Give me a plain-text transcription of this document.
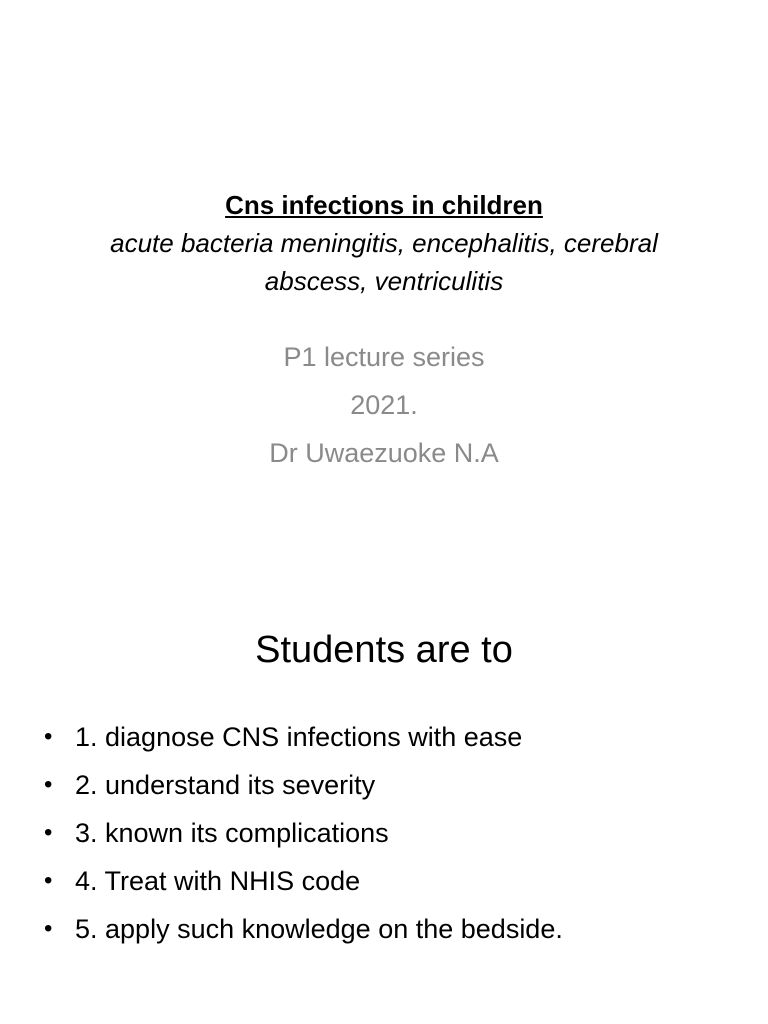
Cns infections in children
acute bacteria meningitis, encephalitis, cerebral
abscess, ventriculitis
P1 lecture series
2021.
Dr Uwaezuoke N.A
Students are to
• 1. diagnose CNS infections with ease
• 2. understand its severity
• 3. known its complications
• 4. Treat with NHIS code
• 5. apply such knowledge on the bedside.
